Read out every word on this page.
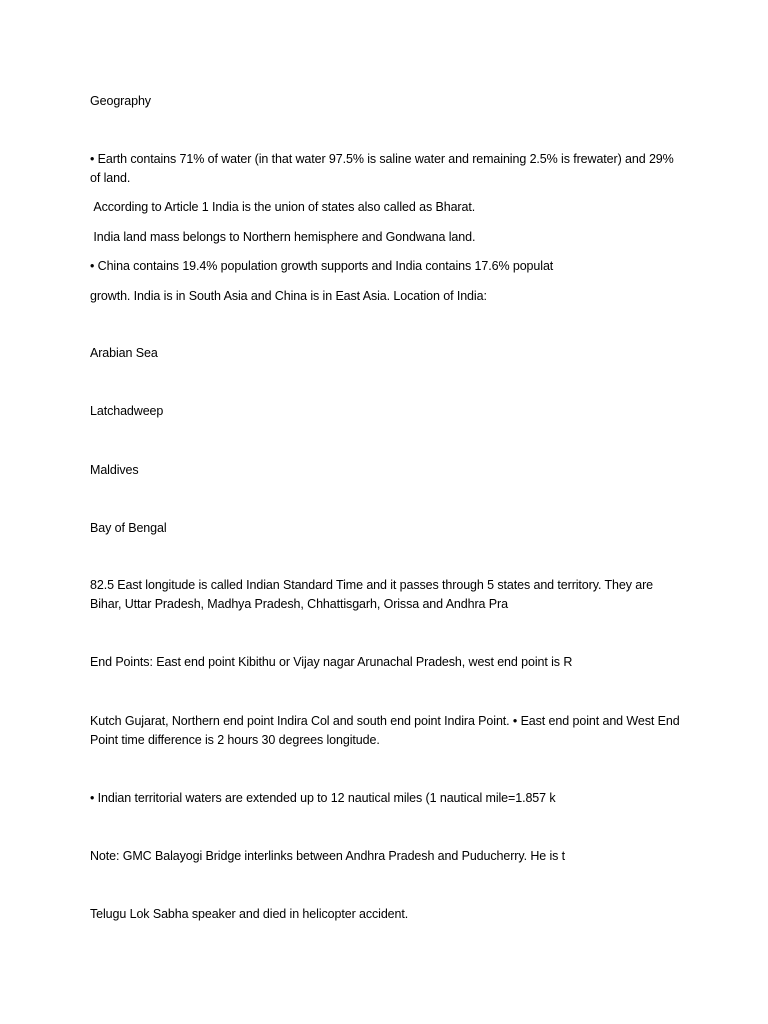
Geography
• Earth contains 71% of water (in that water 97.5% is saline water and remaining 2.5% is frewater) and 29% of land.
According to Article 1 India is the union of states also called as Bharat.
India land mass belongs to Northern hemisphere and Gondwana land.
• China contains 19.4% population growth supports and India contains 17.6% populat
growth. India is in South Asia and China is in East Asia. Location of India:
Arabian Sea
Latchadweep
Maldives
Bay of Bengal
82.5 East longitude is called Indian Standard Time and it passes through 5 states and territory. They are Bihar, Uttar Pradesh, Madhya Pradesh, Chhattisgarh, Orissa and Andhra Pra
End Points: East end point Kibithu or Vijay nagar Arunachal Pradesh, west end point is R
Kutch Gujarat, Northern end point Indira Col and south end point Indira Point. • East end point and West End Point time difference is 2 hours 30 degrees longitude.
• Indian territorial waters are extended up to 12 nautical miles (1 nautical mile=1.857 k
Note: GMC Balayogi Bridge interlinks between Andhra Pradesh and Puducherry. He is t
Telugu Lok Sabha speaker and died in helicopter accident.
